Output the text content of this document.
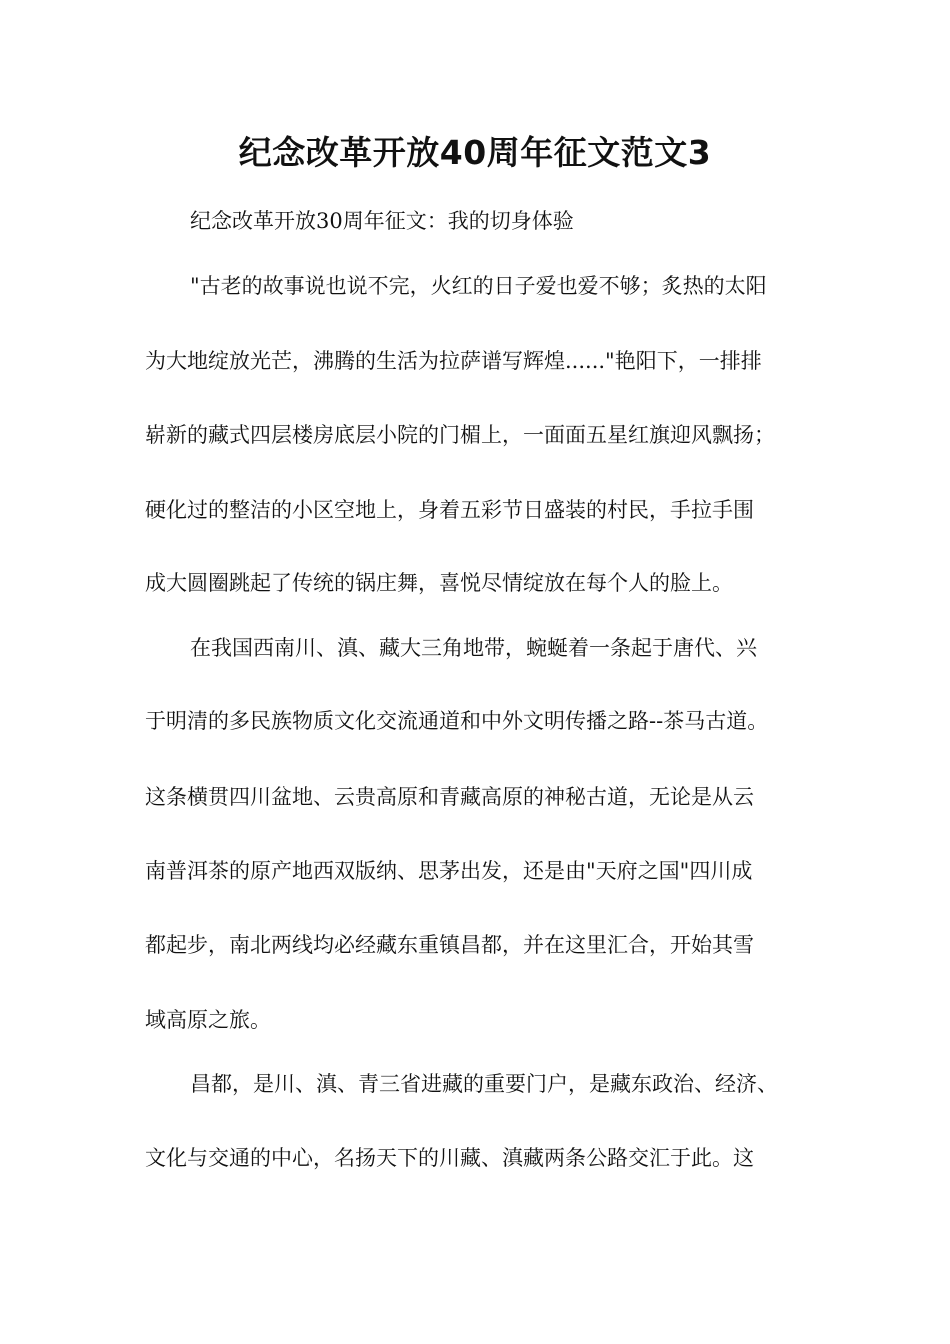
纪念改革开放40周年征文范文3

纪念改革开放30周年征文：我的切身体验

"古老的故事说也说不完，火红的日子爱也爱不够；炙热的太阳

为大地绽放光芒，沸腾的生活为拉萨谱写辉煌......"艳阳下，一排排

崭新的藏式四层楼房底层小院的门楣上，一面面五星红旗迎风飘扬；

硬化过的整洁的小区空地上，身着五彩节日盛装的村民，手拉手围

成大圆圈跳起了传统的锅庄舞，喜悦尽情绽放在每个人的脸上。

在我国西南川、滇、藏大三角地带，蜿蜒着一条起于唐代、兴

于明清的多民族物质文化交流通道和中外文明传播之路--茶马古道。

这条横贯四川盆地、云贵高原和青藏高原的神秘古道，无论是从云

南普洱茶的原产地西双版纳、思茅出发，还是由"天府之国"四川成

都起步，南北两线均必经藏东重镇昌都，并在这里汇合，开始其雪

域高原之旅。

昌都，是川、滇、青三省进藏的重要门户，是藏东政治、经济、

文化与交通的中心，名扬天下的川藏、滇藏两条公路交汇于此。这
